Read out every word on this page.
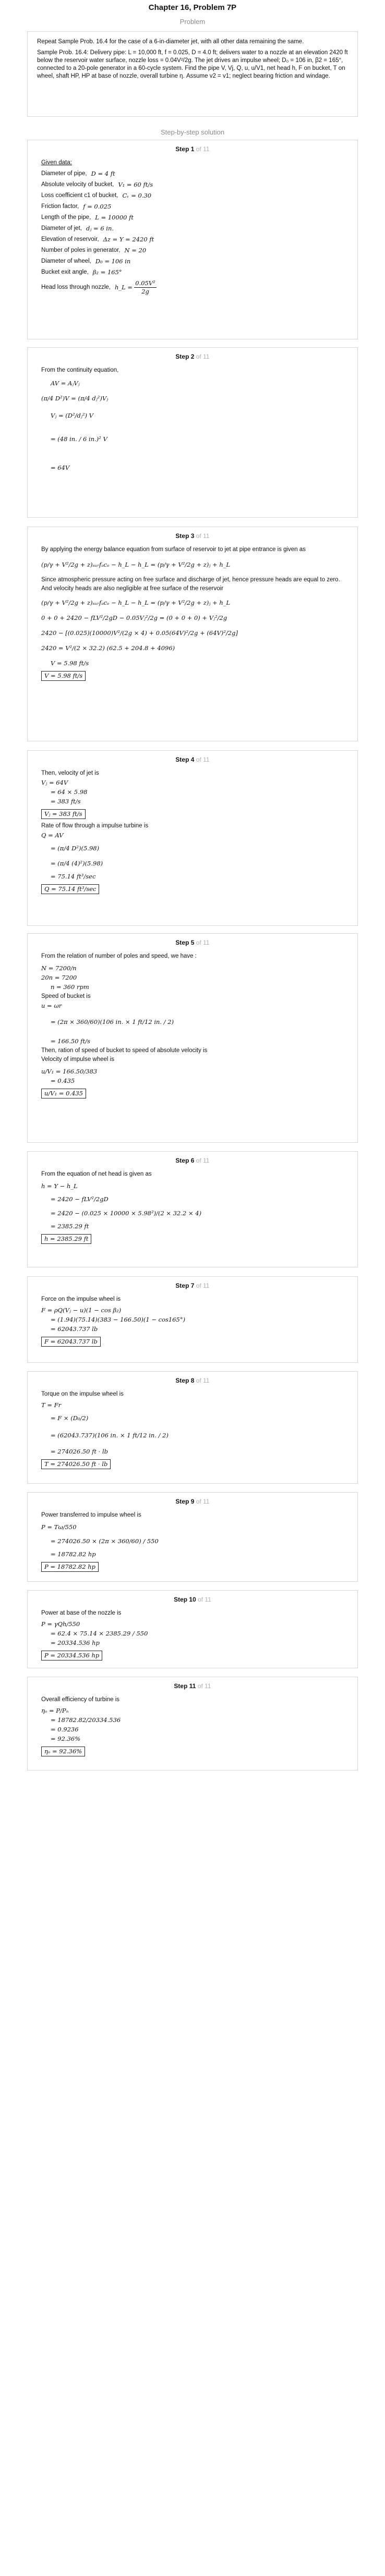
Chapter 16, Problem 7P
Problem

Repeat Sample Prob. 16.4 for the case of a 6-in-diameter jet, with all other data remaining the same.

Sample Prob. 16.4: Delivery pipe: L = 10,000 ft, f = 0.025, D = 4.0 ft; delivers water to a nozzle at an elevation 2420 ft below the reservoir water surface, nozzle loss = 0.04V²/2g. The jet drives an impulse wheel; D₀ = 106 in, β2 = 165°, connected to a 20-pole generator in a 60-cycle system. Find the pipe V, Vj, Q, u, u/V1, net head h, F on bucket, T on wheel, shaft HP, HP at base of nozzle, overall turbine η. Assume v2 = v1; neglect bearing friction and windage.

Step-by-step solution
Step 1 of 11

Given data:

Diameter of pipe, D = 4 ft
Absolute velocity of bucket, V₁ = 60 ft/s
Loss coefficient c1 of bucket, Cᵥ = 0.30
Friction factor, f = 0.025
Length of the pipe, L = 10000 ft
Diameter of jet, dⱼ = 6 in.
Elevation of reservoir, Δz = Y = 2420 ft
Number of poles in generator, N = 20
Diameter of wheel, D₀ = 106 in
Bucket exit angle, β₂ = 165°
Head loss through nozzle, h_L =
$\frac{\text{0.05V²}}{2g}$
Step 2 of 11

From the continuity equation,

AV = AⱼVⱼ
(π/4 D²)V = (π/4 dⱼ²)Vⱼ
Vⱼ = (D²/dⱼ²) V
= (48 in. / 6 in.)² V
= 64V
Step 3 of 11

By applying the energy balance equation from surface of reservoir to jet at pipe entrance is given as

(p/γ + V²/2g + z)ₛᵤᵣfₐcₑ − h_L − h_L = (p/γ + V²/2g + z)ⱼ + h_L

Since atmospheric pressure acting on free surface and discharge of jet, hence pressure heads are equal to zero.

And velocity heads are also negligible at free surface of the reservoir

(p/γ + V²/2g + z)ₛᵤᵣfₐcₑ − h_L − h_L = (p/γ + V²/2g + z)ⱼ + h_L
0 + 0 + 2420 − fLV²/2gD − 0.05Vⱼ²/2g = (0 + 0 + 0) + Vⱼ²/2g
2420 − [(0.025)(10000)V²/(2g × 4) + 0.05(64V)²/2g + (64V)²/2g]
2420 = V²/(2 × 32.2) (62.5 + 204.8 + 4096)
V = 5.98 ft/s
V = 5.98 ft/s
Step 4 of 11

Then, velocity of jet is

Vⱼ = 64V
= 64 × 5.98
= 383 ft/s
Vⱼ = 383 ft/s

Rate of flow through a impulse turbine is

Q = AV
= (π/4 D²)(5.98)
= (π/4 (4)²)(5.98)
= 75.14 ft³/sec
Q = 75.14 ft³/sec
Step 5 of 11

From the relation of number of poles and speed, we have :

N = 7200/n
20n = 7200
n = 360 rpm

Speed of bucket is

u = ωr
= (2π × 360/60)(106 in. × 1 ft/12 in. / 2)
= 166.50 ft/s

Then, ration of speed of bucket to speed of absolute velocity is

Velocity of impulse wheel is

u/V₁ = 166.50/383
= 0.435
u/V₁ = 0.435
Step 6 of 11

From the equation of net head is given as

h = Y − h_L
= 2420 − fLV²/2gD
= 2420 − (0.025 × 10000 × 5.98²)/(2 × 32.2 × 4)
= 2385.29 ft
h = 2385.29 ft
Step 7 of 11

Force on the impulse wheel is

F = ρQ(Vⱼ − u)(1 − cos β₂)
= (1.94)(75.14)(383 − 166.50)(1 − cos165°)
= 62043.737 lb
F = 62043.737 lb
Step 8 of 11

Torque on the impulse wheel is

T = Fr
= F × (D₀/2)
= (62043.737)(106 in. × 1 ft/12 in. / 2)
= 274026.50 ft · lb
T = 274026.50 ft · lb
Step 9 of 11

Power transferred to impulse wheel is

P = Tω/550
= 274026.50 × (2π × 360/60) / 550
= 18782.82 hp
P = 18782.82 hp
Step 10 of 11

Power at base of the nozzle is

P = γQh/550
= 62.4 × 75.14 × 2385.29 / 550
= 20334.536 hp
P = 20334.536 hp
Step 11 of 11

Overall efficiency of turbine is

ηₒ = P/Pₙ
= 18782.82/20334.536
= 0.9236
= 92.36%
ηₒ = 92.36%
